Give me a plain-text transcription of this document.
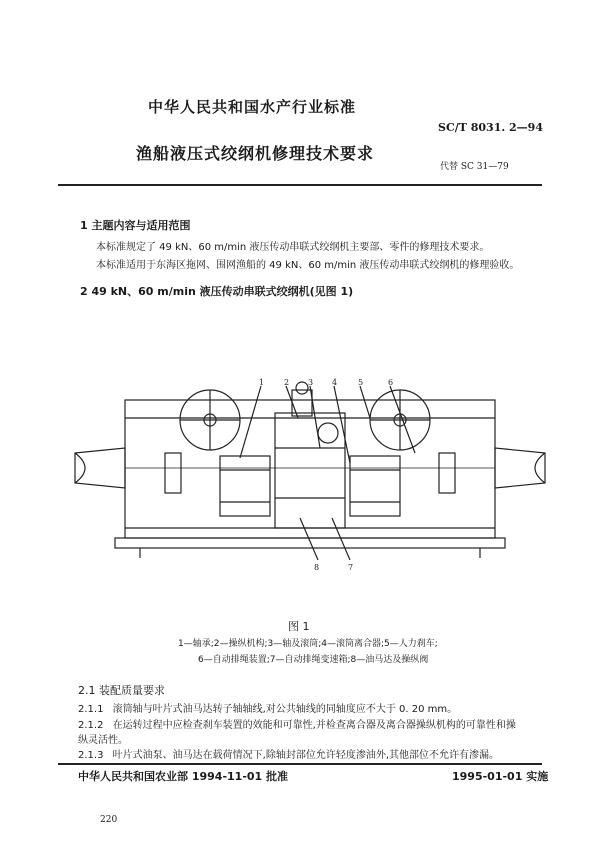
中华人民共和国水产行业标准
SC/T 8031. 2—94
渔船液压式绞纲机修理技术要求
代替 SC 31—79
1 主题内容与适用范围
本标准规定了 49 kN、60 m/min 液压传动串联式绞纲机主要部、零件的修理技术要求。
本标准适用于东海区拖网、围网渔船的 49 kN、60 m/min 液压传动串联式绞纲机的修理验收。
2 49 kN、60 m/min 液压传动串联式绞纲机(见图 1)
1 2 3 4	5	6
8	7
图 1
1—轴承;2—操纵机构;3—轴及滚筒;4—滚筒离合器;5—人力刹车;
6—自动排绳装置;7—自动排绳变速箱;8—油马达及操纵阀
2.1 装配质量要求
2.1.1 滚筒轴与叶片式油马达转子轴轴线,对公共轴线的同轴度应不大于 0. 20 mm。
2.1.2 在运转过程中应检查刹车装置的效能和可靠性,并检查离合器及离合器操纵机构的可靠性和操
纵灵活性。
2.1.3 叶片式油泵、油马达在载荷情况下,除轴封部位允许轻度渗油外,其他部位不允许有渗漏。
中华人民共和国农业部 1994-11-01 批准	1995-01-01 实施
220
